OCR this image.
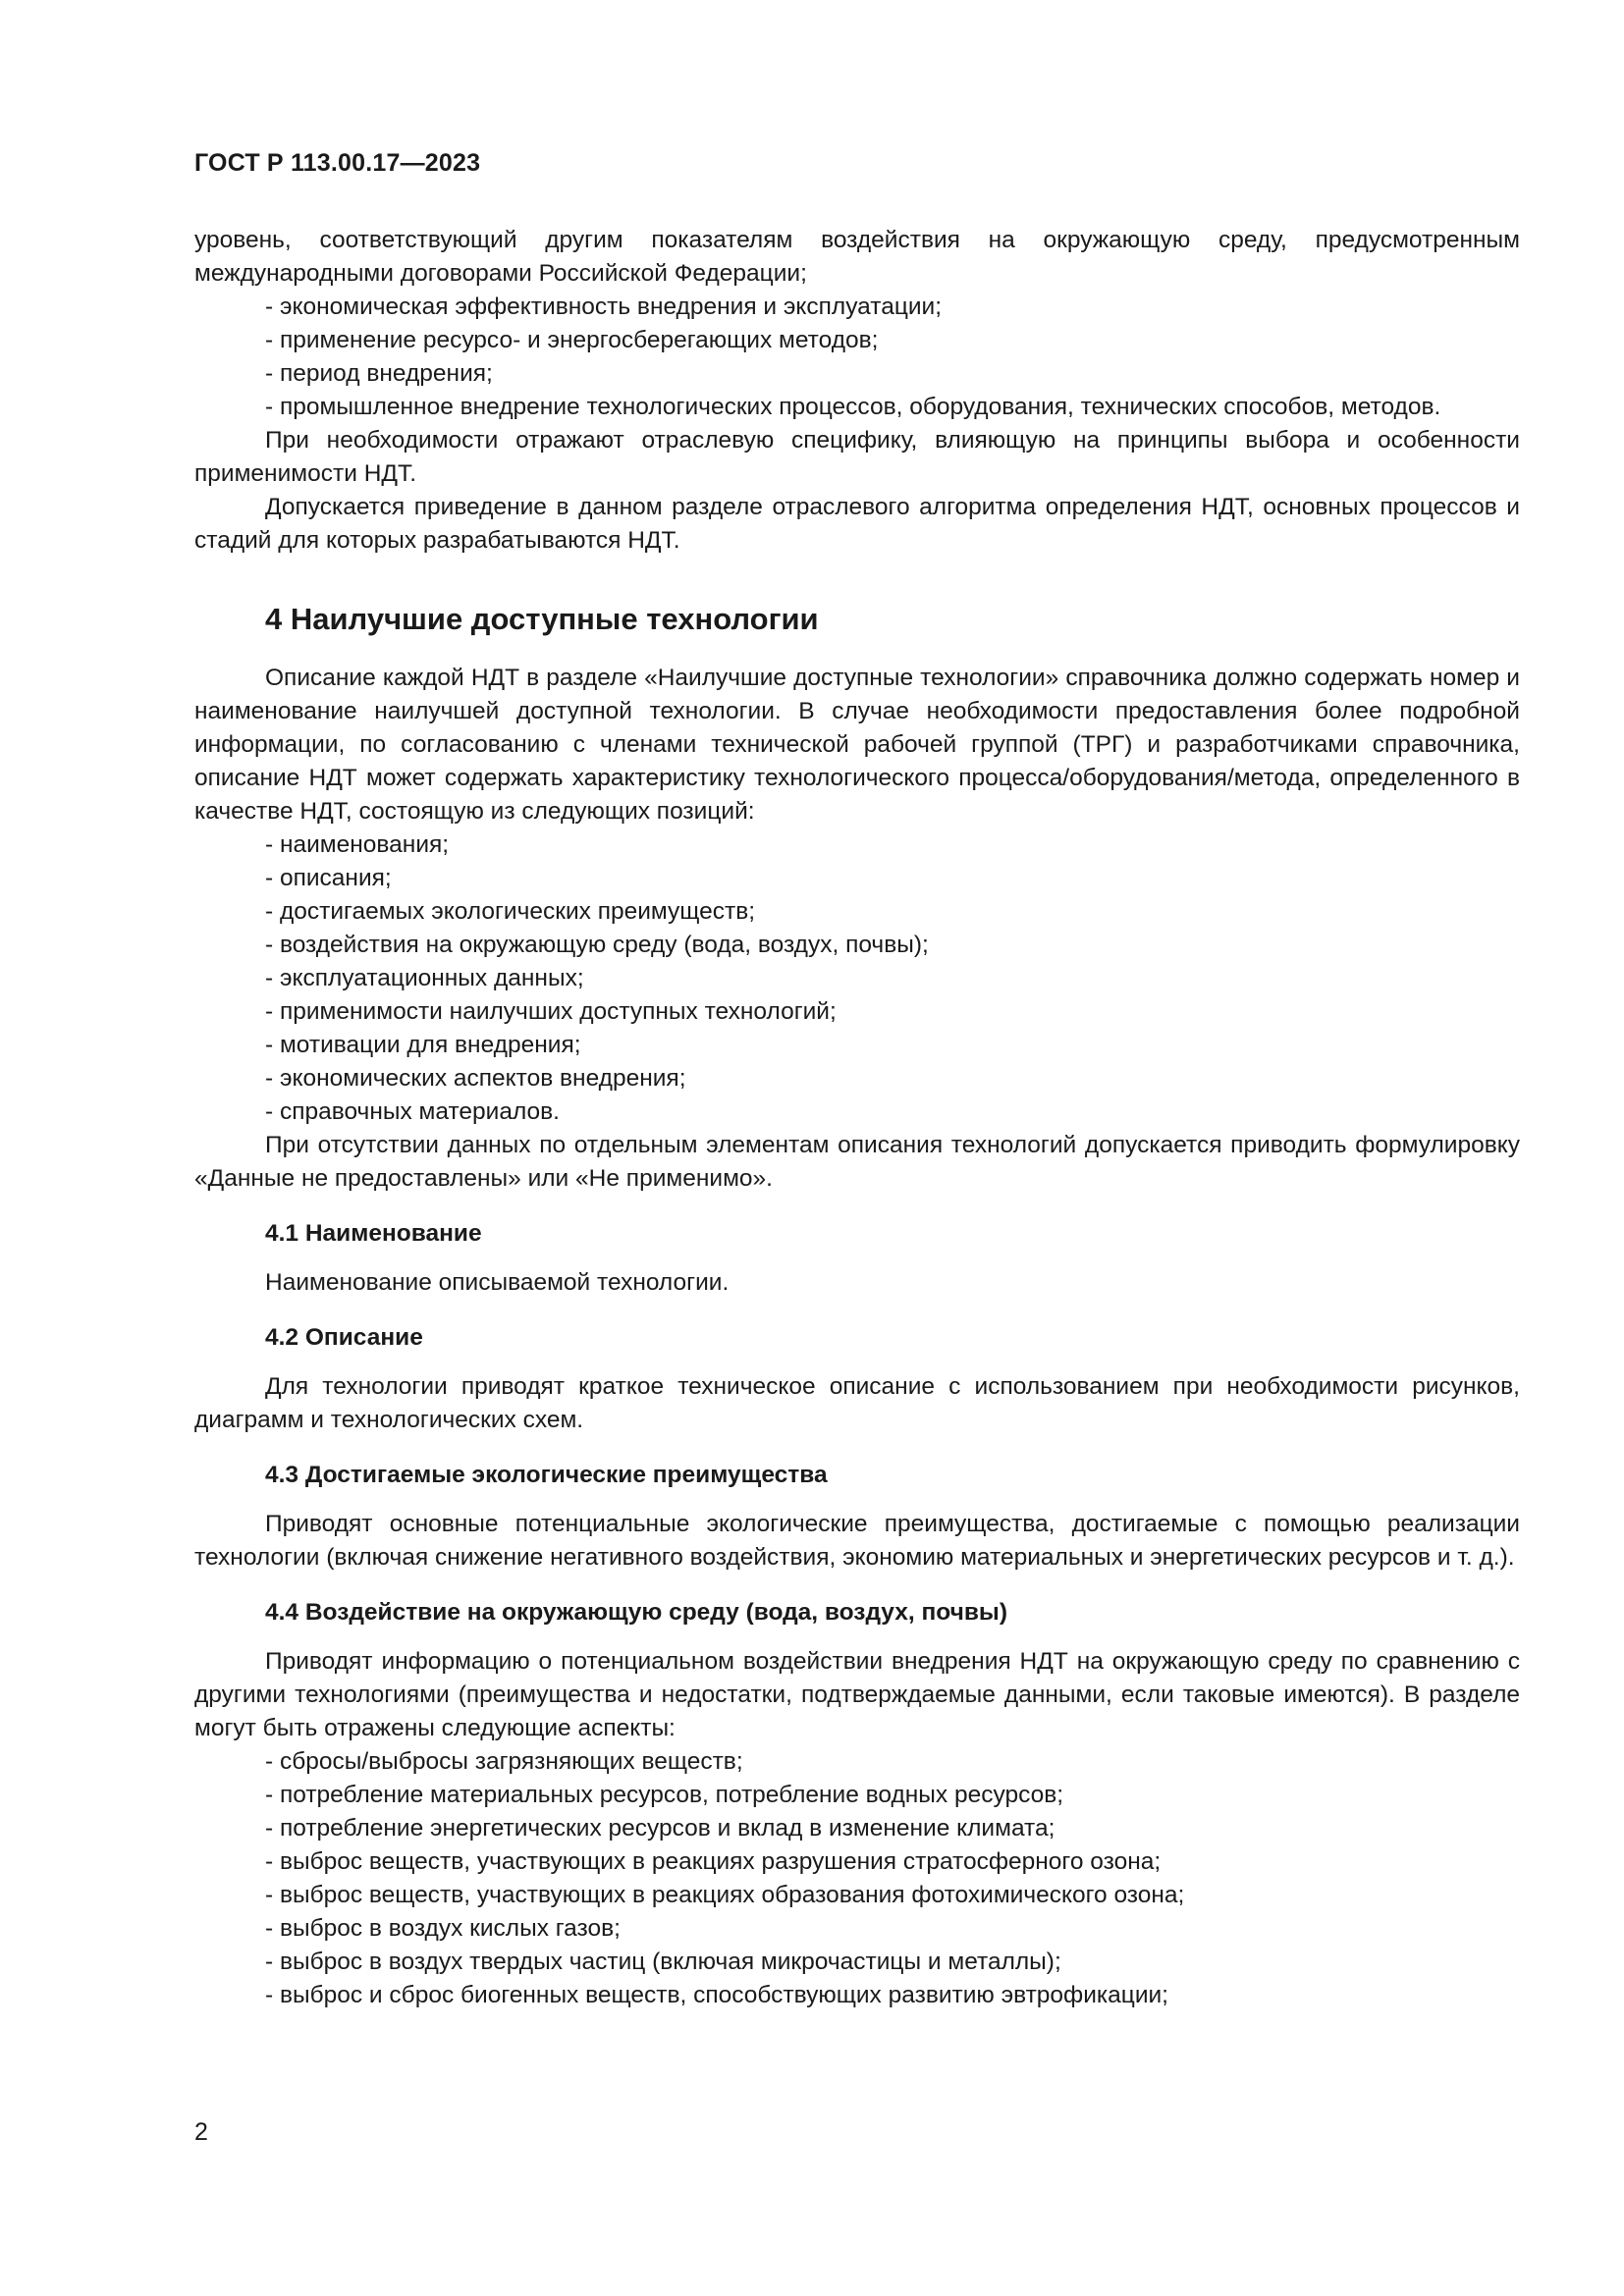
ГОСТ Р 113.00.17—2023

уровень, соответствующий другим показателям воздействия на окружающую среду, предусмотренным международными договорами Российской Федерации;

- экономическая эффективность внедрения и эксплуатации;

- применение ресурсо- и энергосберегающих методов;

- период внедрения;

- промышленное внедрение технологических процессов, оборудования, технических способов, методов.

При необходимости отражают отраслевую специфику, влияющую на принципы выбора и особенности применимости НДТ.

Допускается приведение в данном разделе отраслевого алгоритма определения НДТ, основных процессов и стадий для которых разрабатываются НДТ.

4 Наилучшие доступные технологии

Описание каждой НДТ в разделе «Наилучшие доступные технологии» справочника должно содержать номер и наименование наилучшей доступной технологии. В случае необходимости предоставления более подробной информации, по согласованию с членами технической рабочей группой (ТРГ) и разработчиками справочника, описание НДТ может содержать характеристику технологического процесса/оборудования/метода, определенного в качестве НДТ, состоящую из следующих позиций:

- наименования;

- описания;

- достигаемых экологических преимуществ;

- воздействия на окружающую среду (вода, воздух, почвы);

- эксплуатационных данных;

- применимости наилучших доступных технологий;

- мотивации для внедрения;

- экономических аспектов внедрения;

- справочных материалов.

При отсутствии данных по отдельным элементам описания технологий допускается приводить формулировку «Данные не предоставлены» или «Не применимо».

4.1 Наименование

Наименование описываемой технологии.

4.2 Описание

Для технологии приводят краткое техническое описание с использованием при необходимости рисунков, диаграмм и технологических схем.

4.3 Достигаемые экологические преимущества

Приводят основные потенциальные экологические преимущества, достигаемые с помощью реализации технологии (включая снижение негативного воздействия, экономию материальных и энергетических ресурсов и т. д.).

4.4 Воздействие на окружающую среду (вода, воздух, почвы)

Приводят информацию о потенциальном воздействии внедрения НДТ на окружающую среду по сравнению с другими технологиями (преимущества и недостатки, подтверждаемые данными, если таковые имеются). В разделе могут быть отражены следующие аспекты:

- сбросы/выбросы загрязняющих веществ;

- потребление материальных ресурсов, потребление водных ресурсов;

- потребление энергетических ресурсов и вклад в изменение климата;

- выброс веществ, участвующих в реакциях разрушения стратосферного озона;

- выброс веществ, участвующих в реакциях образования фотохимического озона;

- выброс в воздух кислых газов;

- выброс в воздух твердых частиц (включая микрочастицы и металлы);

- выброс и сброс биогенных веществ, способствующих развитию эвтрофикации;

2
